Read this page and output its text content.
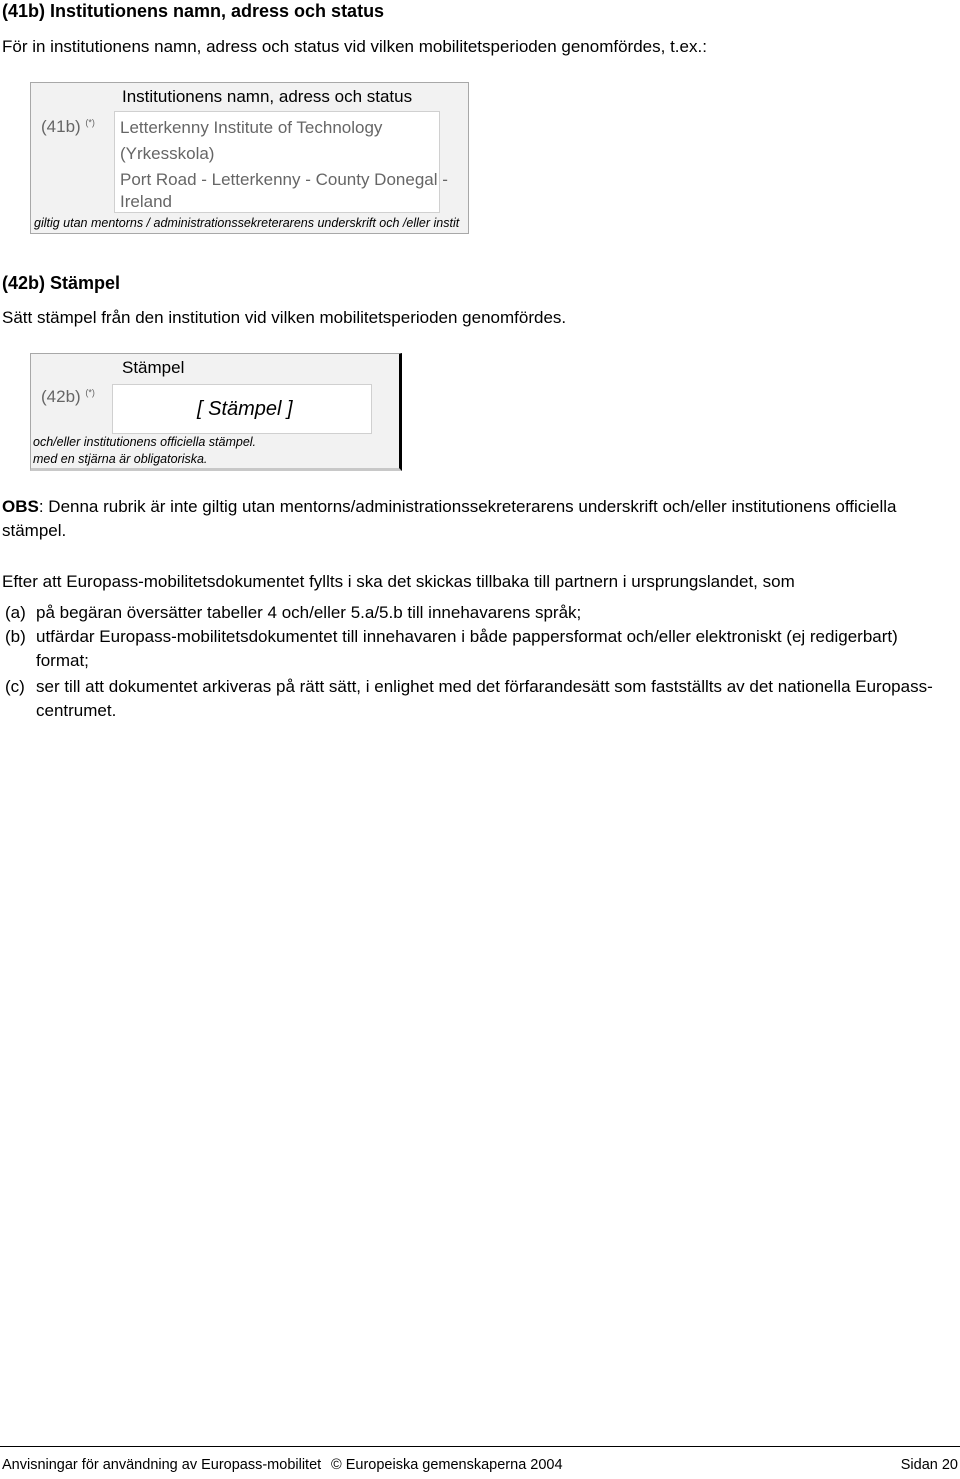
(41b) Institutionens namn, adress och status
För in institutionens namn, adress och status vid vilken mobilitetsperioden genomfördes, t.ex.:
Institutionens namn, adress och status
(41b) (*) Letterkenny Institute of Technology
(Yrkesskola)
Port Road - Letterkenny - County Donegal -
Ireland
giltig utan mentorns / administrationssekreterarens underskrift och /eller instit
(42b) Stämpel
Sätt stämpel från den institution vid vilken mobilitetsperioden genomfördes.
Stämpel
(42b) (*)
[ Stämpel ]
och/eller institutionens officiella stämpel.
med en stjärna är obligatoriska.
OBS: Denna rubrik är inte giltig utan mentorns/administrationssekreterarens underskrift och/eller institutionens officiella
stämpel.
Efter att Europass-mobilitetsdokumentet fyllts i ska det skickas tillbaka till partnern i ursprungslandet, som
(a) på begäran översätter tabeller 4 och/eller 5.a/5.b till innehavarens språk;
(b) utfärdar Europass-mobilitetsdokumentet till innehavaren i både pappersformat och/eller elektroniskt (ej redigerbart)
format;
(c) ser till att dokumentet arkiveras på rätt sätt, i enlighet med det förfarandesätt som fastställts av det nationella Europass-
centrumet.
Anvisningar för användning av Europass-mobilitet © Europeiska gemenskaperna 2004	Sidan 20
